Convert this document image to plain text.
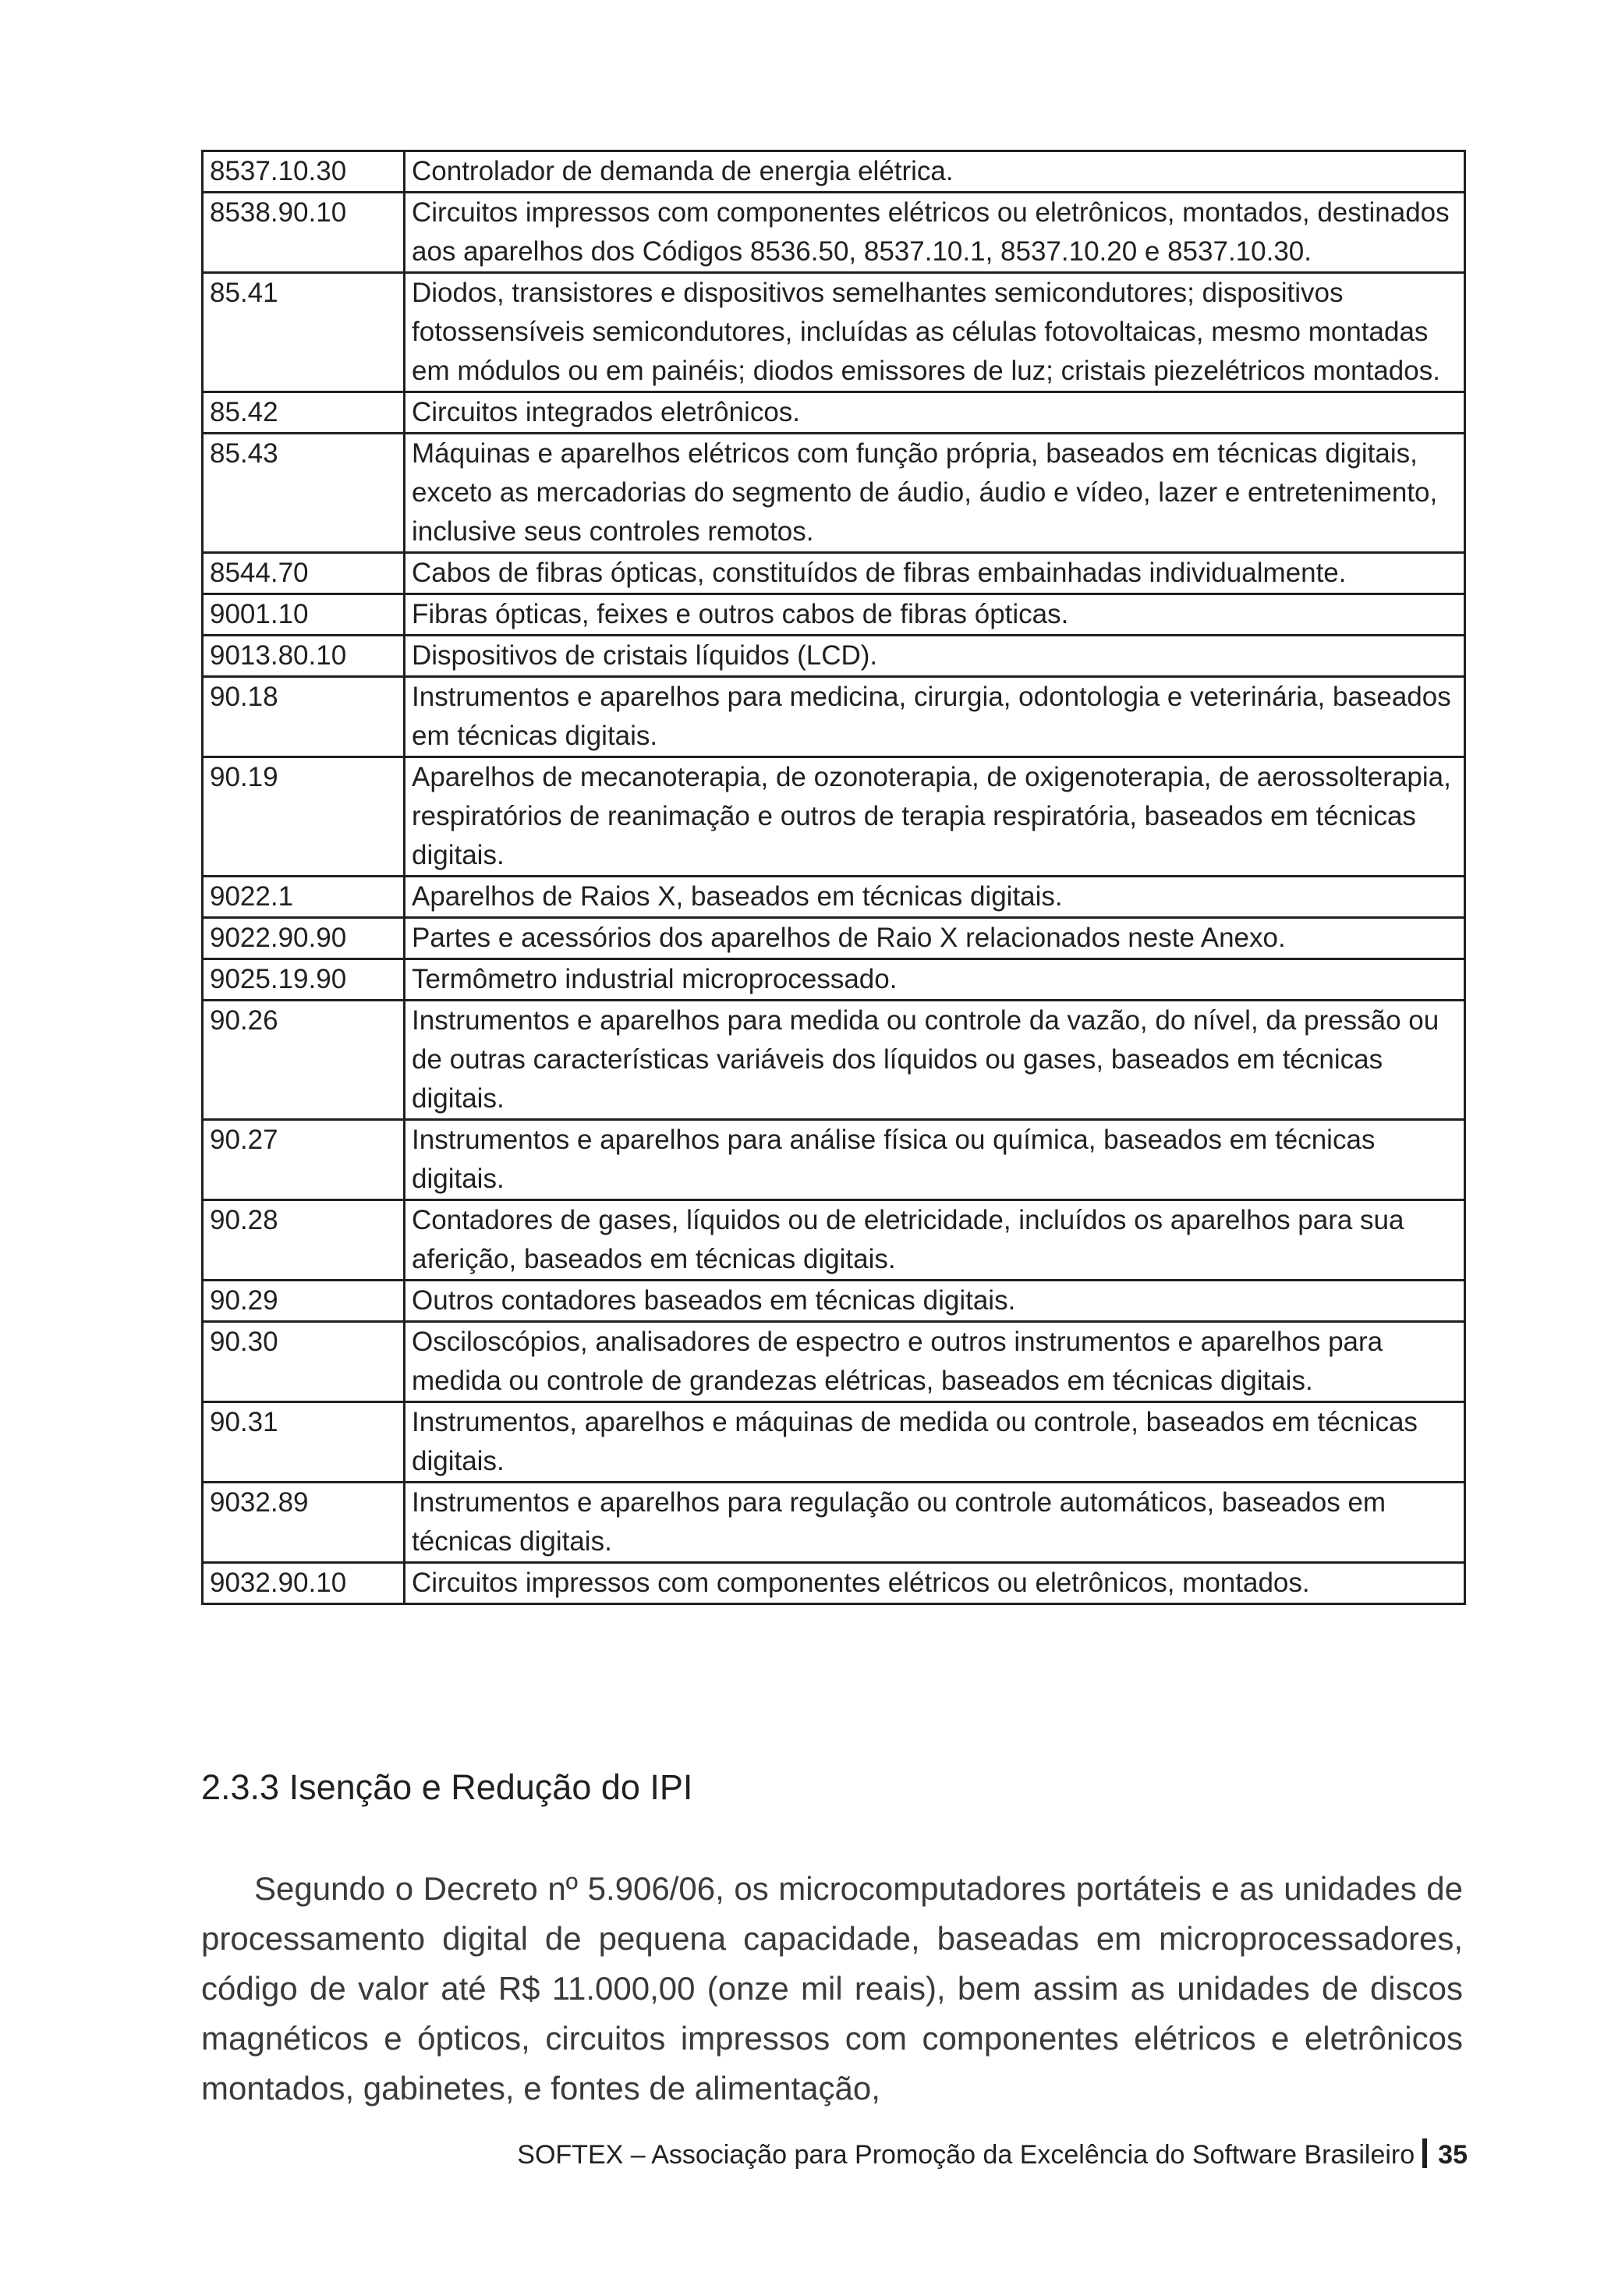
8537.10.30	Controlador de demanda de energia elétrica.
8538.90.10	Circuitos impressos com componentes elétricos ou eletrônicos, montados, destinados aos aparelhos dos Códigos 8536.50, 8537.10.1, 8537.10.20 e 8537.10.30.
85.41	Diodos, transistores e dispositivos semelhantes semicondutores; dispositivos fotossensíveis semicondutores, incluídas as células fotovoltaicas, mesmo montadas em módulos ou em painéis; diodos emissores de luz; cristais piezelétricos montados.
85.42	Circuitos integrados eletrônicos.
85.43	Máquinas e aparelhos elétricos com função própria, baseados em técnicas digitais, exceto as mercadorias do segmento de áudio, áudio e vídeo, lazer e entretenimento, inclusive seus controles remotos.
8544.70	Cabos de fibras ópticas, constituídos de fibras embainhadas individualmente.
9001.10	Fibras ópticas, feixes e outros cabos de fibras ópticas.
9013.80.10	Dispositivos de cristais líquidos (LCD).
90.18	Instrumentos e aparelhos para medicina, cirurgia, odontologia e veterinária, baseados em técnicas digitais.
90.19	Aparelhos de mecanoterapia, de ozonoterapia, de oxigenoterapia, de aerossolterapia, respiratórios de reanimação e outros de terapia respiratória, baseados em técnicas digitais.
9022.1	Aparelhos de Raios X, baseados em técnicas digitais.
9022.90.90	Partes e acessórios dos aparelhos de Raio X relacionados neste Anexo.
9025.19.90	Termômetro industrial microprocessado.
90.26	Instrumentos e aparelhos para medida ou controle da vazão, do nível, da pressão ou de outras características variáveis dos líquidos ou gases, baseados em técnicas digitais.
90.27	Instrumentos e aparelhos para análise física ou química, baseados em técnicas digitais.
90.28	Contadores de gases, líquidos ou de eletricidade, incluídos os aparelhos para sua aferição, baseados em técnicas digitais.
90.29	Outros contadores baseados em técnicas digitais.
90.30	Osciloscópios, analisadores de espectro e outros instrumentos e aparelhos para medida ou controle de grandezas elétricas, baseados em técnicas digitais.
90.31	Instrumentos, aparelhos e máquinas de medida ou controle, baseados em técnicas digitais.
9032.89	Instrumentos e aparelhos para regulação ou controle automáticos, baseados em técnicas digitais.
9032.90.10	Circuitos impressos com componentes elétricos ou eletrônicos, montados.
2.3.3 Isenção e Redução do IPI

Segundo o Decreto nº 5.906/06, os microcomputadores portáteis e as unidades de processamento digital de pequena capacidade, baseadas em microprocessadores, código de valor até R$ 11.000,00 (onze mil reais), bem assim as unidades de discos magnéticos e ópticos, circuitos impressos com componentes elétricos e eletrônicos montados, gabinetes, e fontes de alimentação,

SOFTEX – Associação para Promoção da Excelência do Software Brasileiro 35
